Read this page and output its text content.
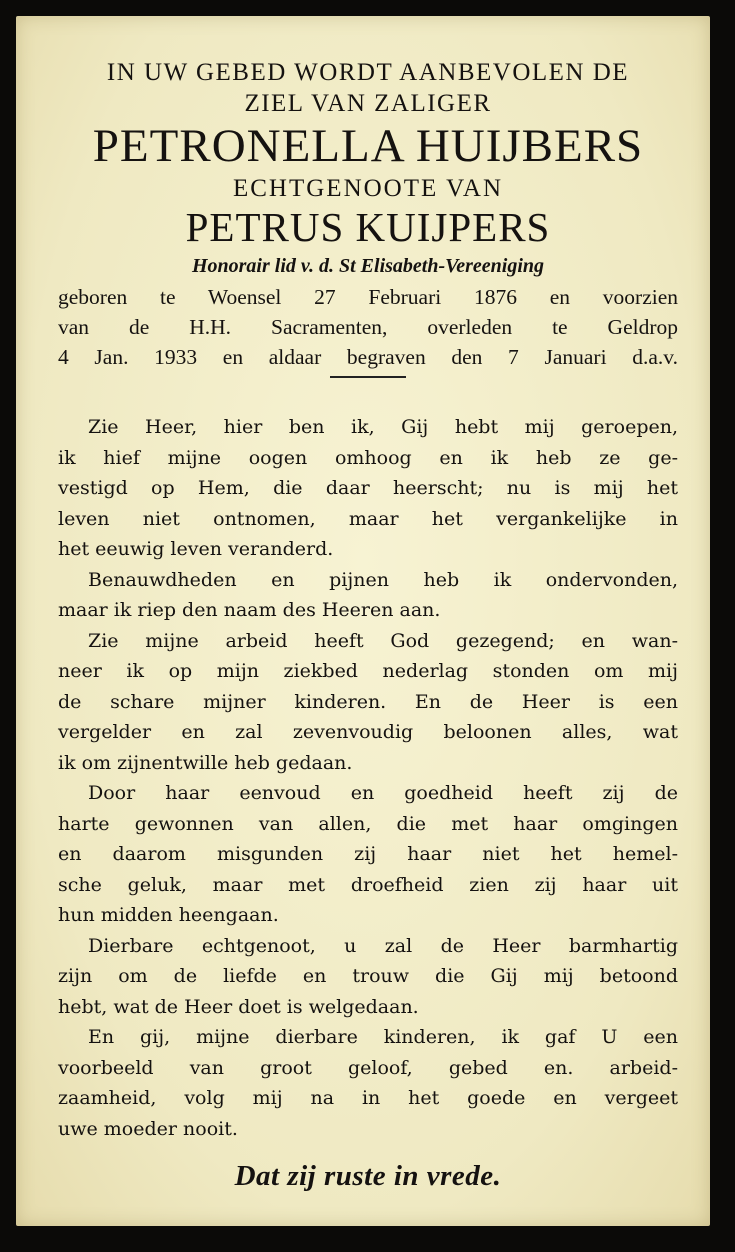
IN UW GEBED WORDT AANBEVOLEN DE
ZIEL VAN ZALIGER
PETRONELLA HUIJBERS
ECHTGENOOTE VAN
PETRUS KUIJPERS
Honorair lid v. d. St Elisabeth-Vereeniging
geboren te Woensel 27 Februari 1876 en voorzien
van de H.H. Sacramenten, overleden te Geldrop
4 Jan. 1933 en aldaar begraven den 7 Januari d.a.v.
Zie Heer, hier ben ik, Gij hebt mij geroepen,
ik hief mijne oogen omhoog en ik heb ze ge-
vestigd op Hem, die daar heerscht; nu is mij het
leven niet ontnomen, maar het vergankelijke in
het eeuwig leven veranderd.
Benauwdheden en pijnen heb ik ondervonden,
maar ik riep den naam des Heeren aan.
Zie mijne arbeid heeft God gezegend; en wan-
neer ik op mijn ziekbed nederlag stonden om mij
de schare mijner kinderen. En de Heer is een
vergelder en zal zevenvoudig beloonen alles, wat
ik om zijnentwille heb gedaan.
Door haar eenvoud en goedheid heeft zij de
harte gewonnen van allen, die met haar omgingen
en daarom misgunden zij haar niet het hemel-
sche geluk, maar met droefheid zien zij haar uit
hun midden heengaan.
Dierbare echtgenoot, u zal de Heer barmhartig
zijn om de liefde en trouw die Gij mij betoond
hebt, wat de Heer doet is welgedaan.
En gij, mijne dierbare kinderen, ik gaf U een
voorbeeld van groot geloof, gebed en. arbeid-
zaamheid, volg mij na in het goede en vergeet
uwe moeder nooit.
Dat zij ruste in vrede.
